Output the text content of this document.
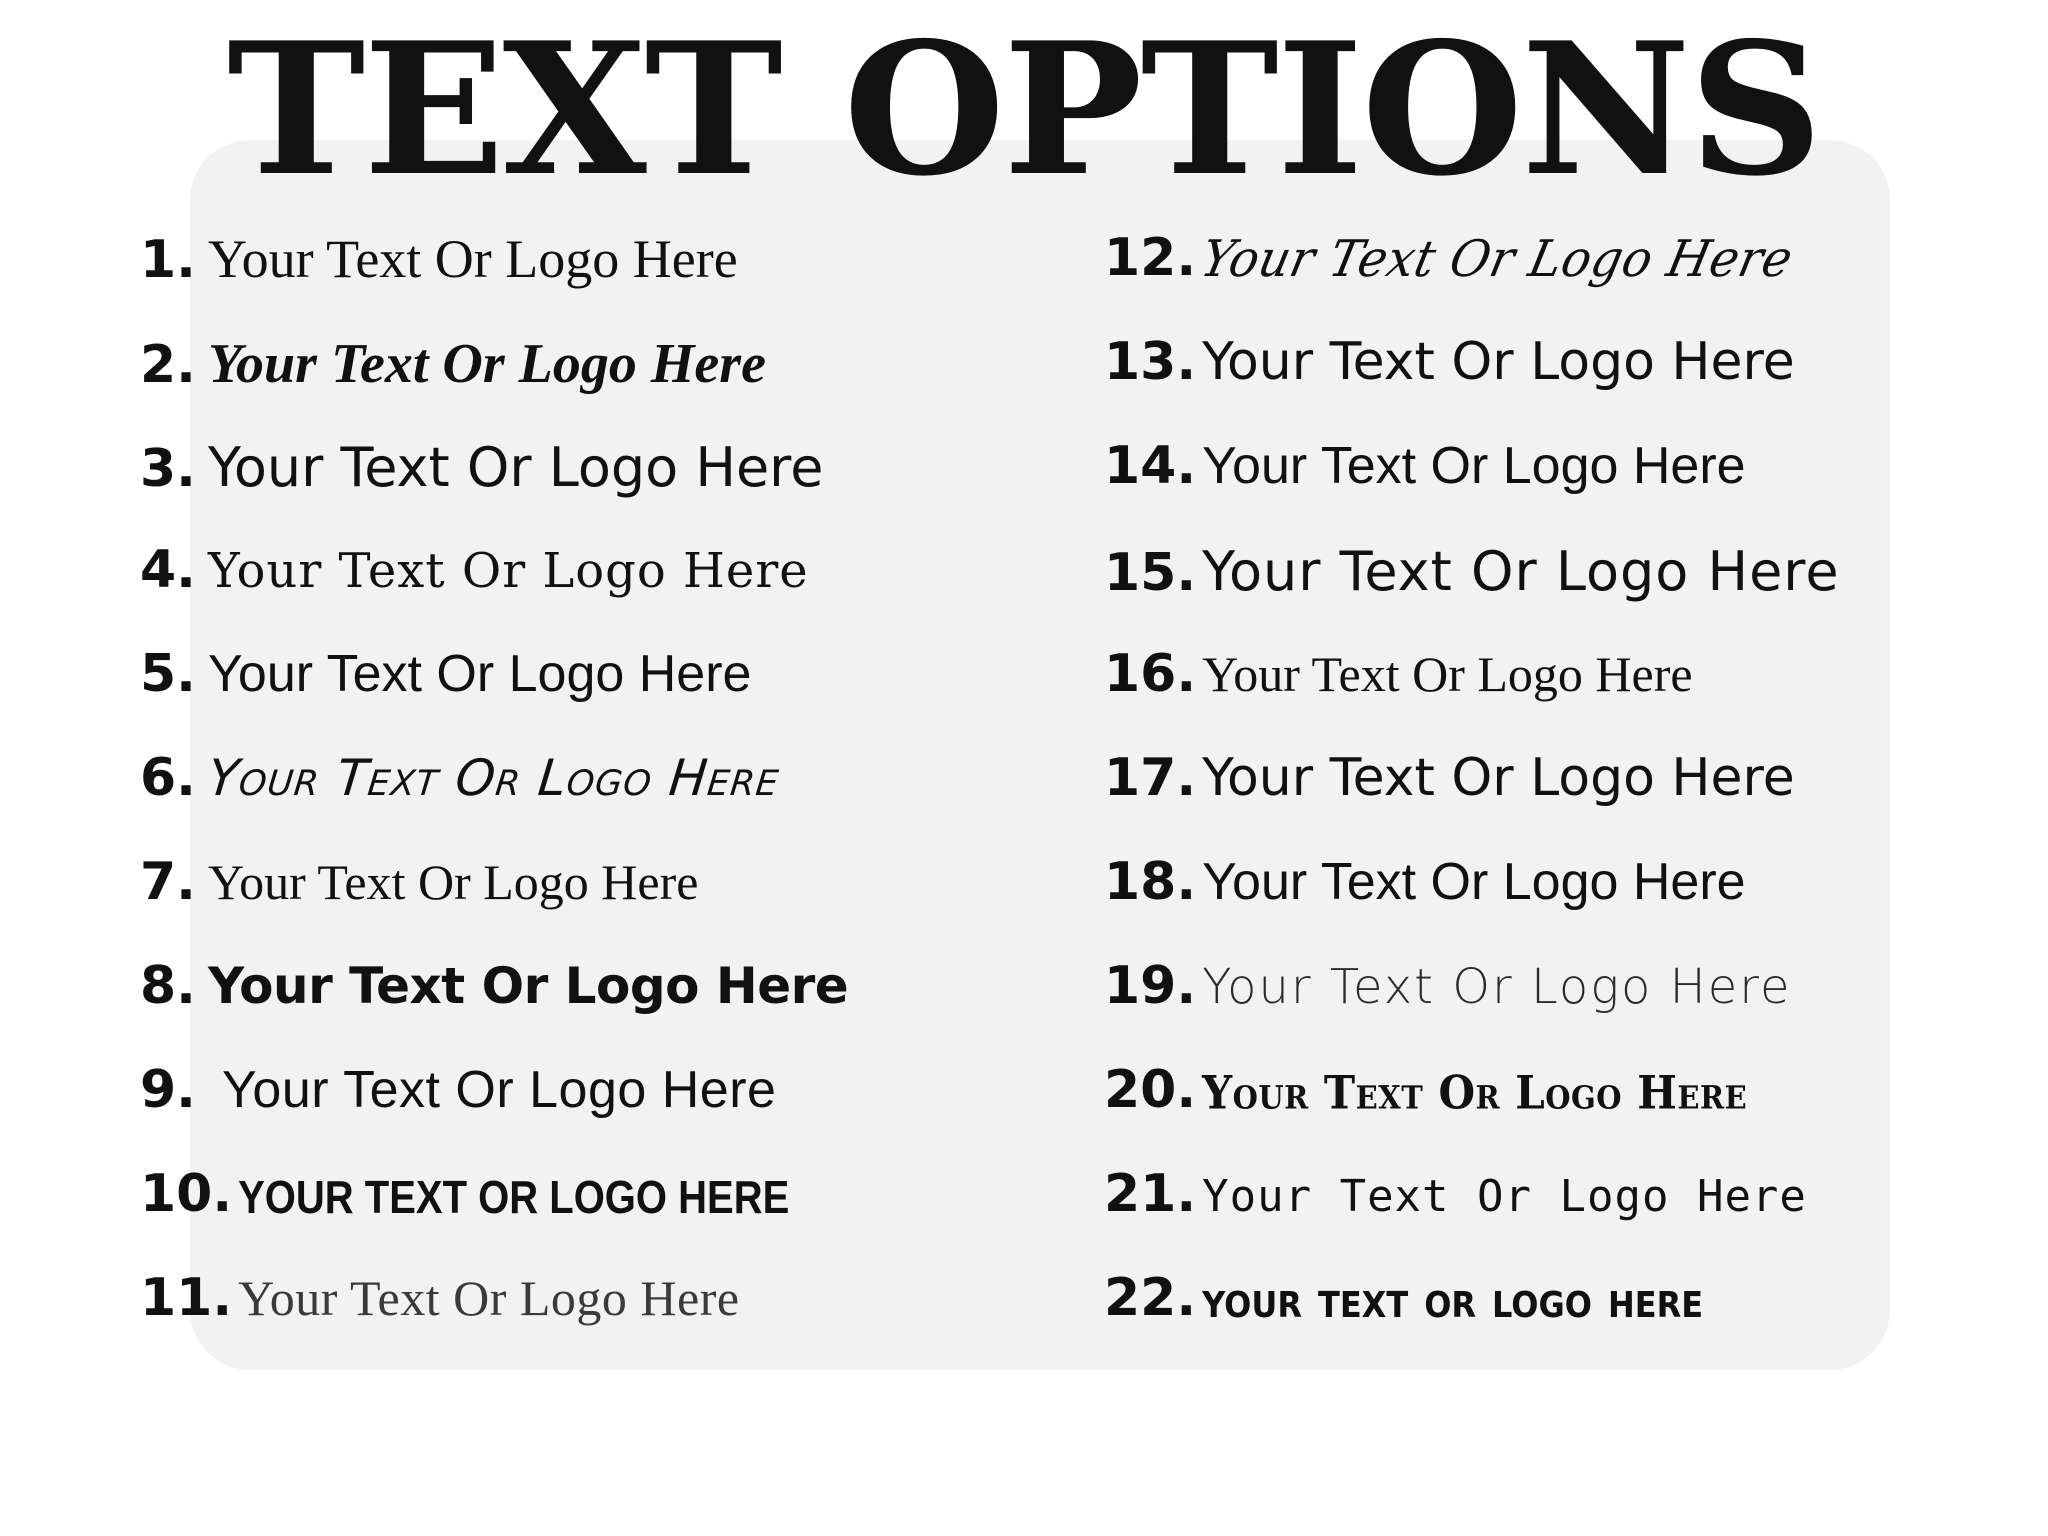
TEXT OPTIONS
1. Your Text Or Logo Here
2. Your Text Or Logo Here
3. Your Text Or Logo Here
4. Your Text Or Logo Here
5. Your Text Or Logo Here
6. Your Text Or Logo Here
7. Your Text Or Logo Here
8. Your Text Or Logo Here
9. Your Text Or Logo Here
10. YOUR TEXT OR LOGO HERE
11. Your Text Or Logo Here
12. Your Text Or Logo Here
13. Your Text Or Logo Here
14. Your Text Or Logo Here
15. Your Text Or Logo Here
16. Your Text Or Logo Here
17. Your Text Or Logo Here
18. Your Text Or Logo Here
19. Your Text Or Logo Here
20. Your Text Or Logo Here
21. Your Text Or Logo Here
22. your text or logo here
